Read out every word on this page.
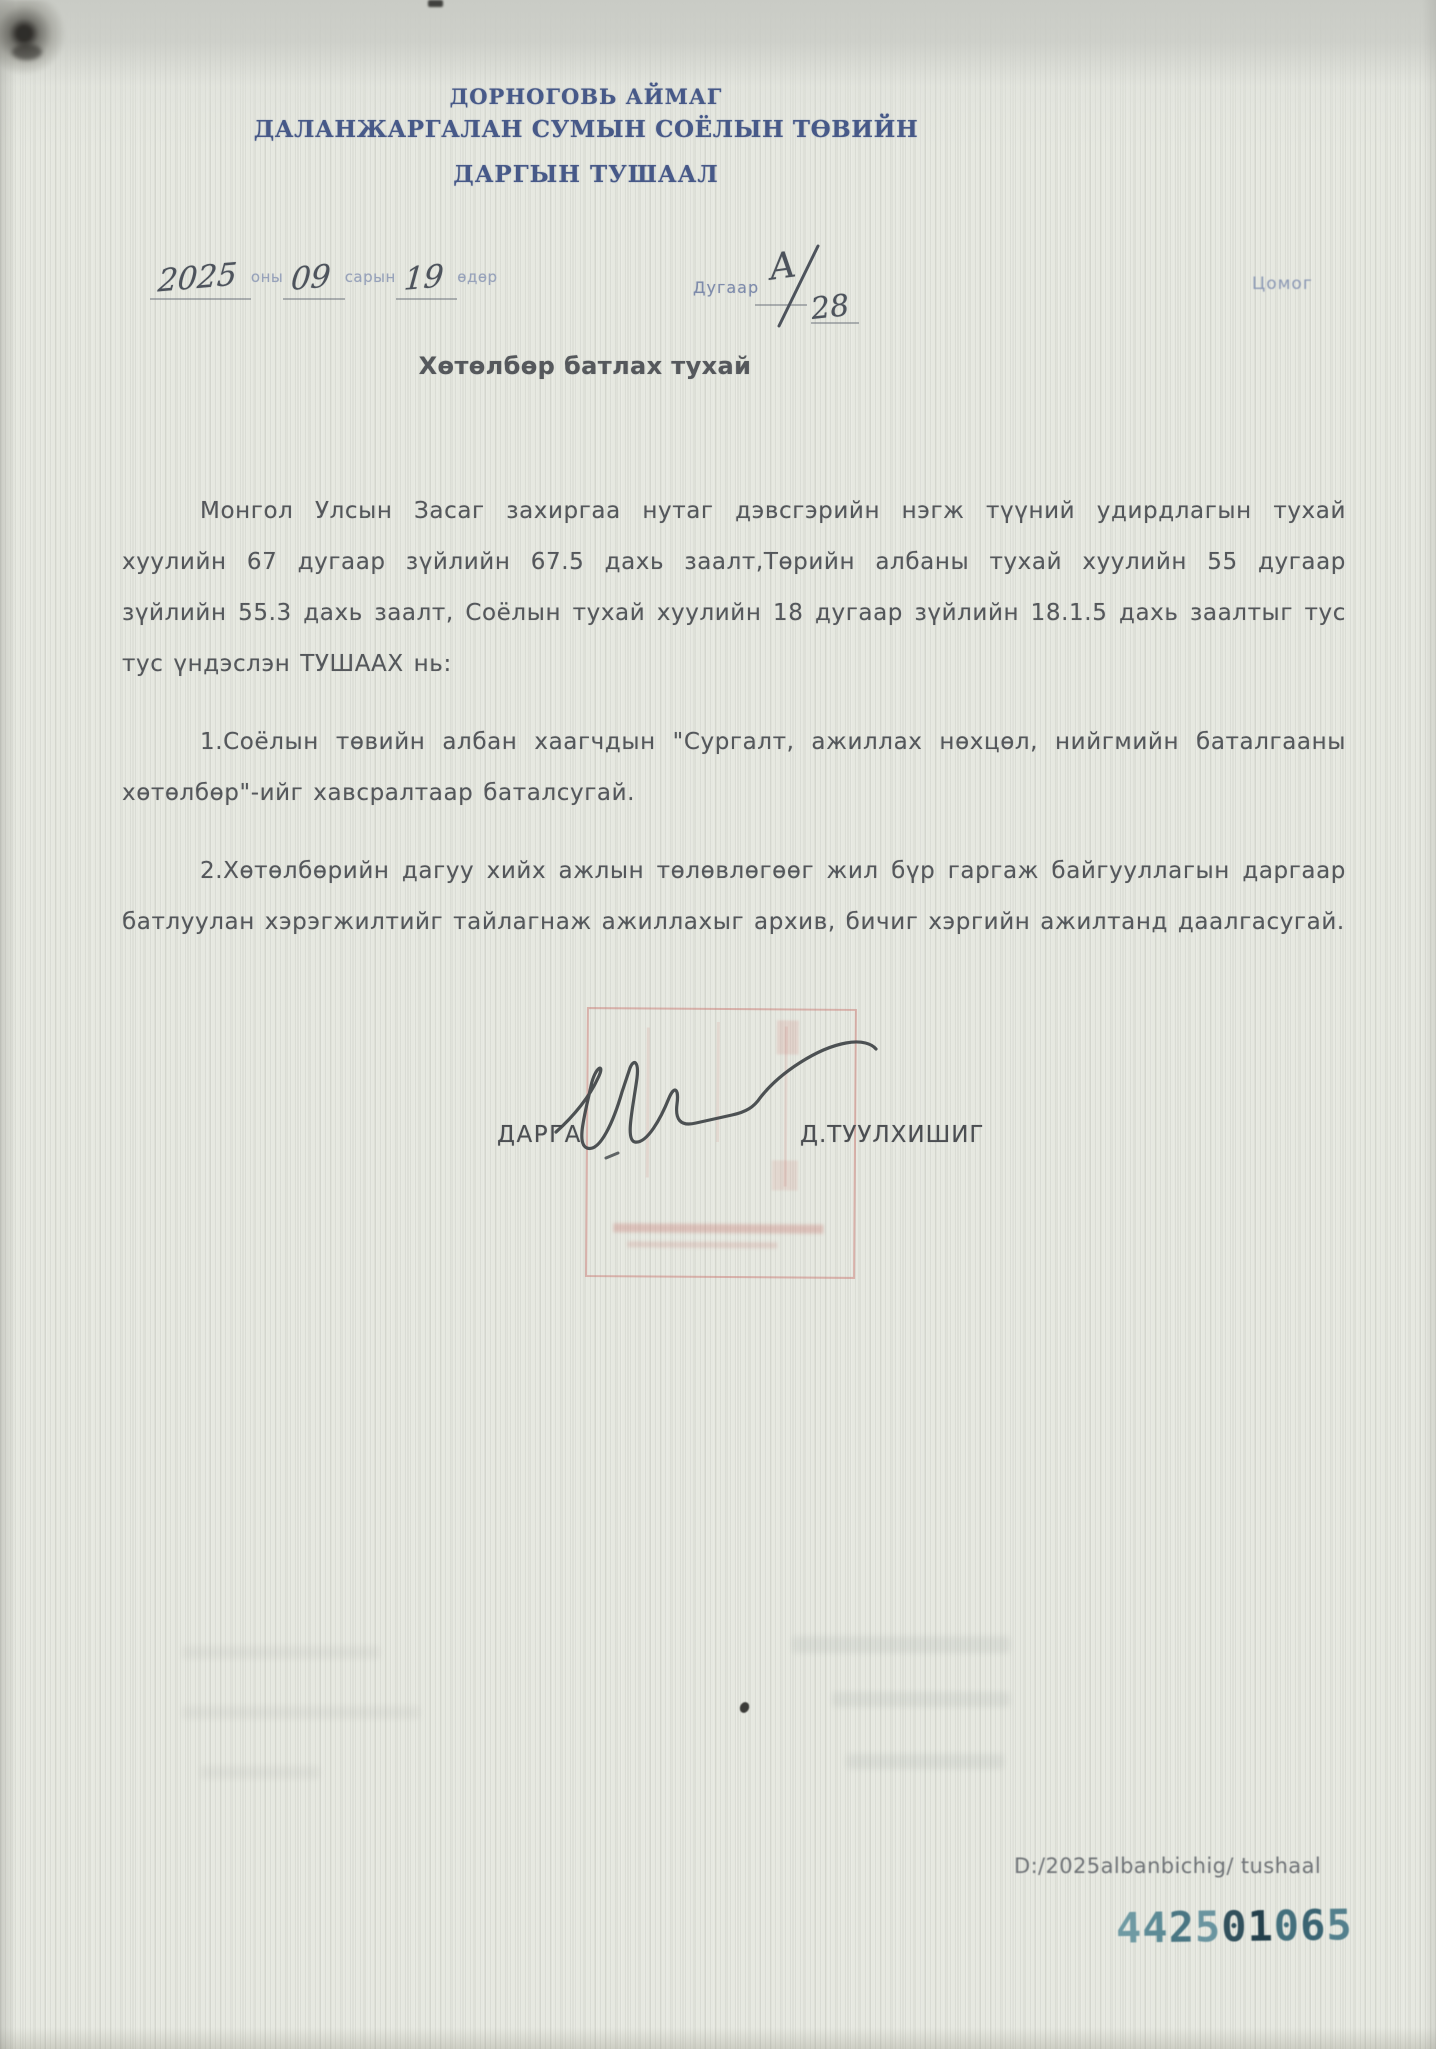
ДОРНОГОВЬ АЙМАГ
ДАЛАНЖАРГАЛАН СУМЫН СОЁЛЫН ТӨВИЙН
ДАРГЫН ТУШААЛ
2025 оны 09 сарын 19 өдөр
Дугаар А
28
Цомог
Хөтөлбөр батлах тухай

Монгол Улсын Засаг захиргаа нутаг дэвсгэрийн нэгж түүний удирдлагын тухай хуулийн 67 дугаар зүйлийн 67.5 дахь заалт,Төрийн албаны тухай хуулийн 55 дугаар зүйлийн 55.3 дахь заалт, Соёлын тухай хуулийн 18 дугаар зүйлийн 18.1.5 дахь заалтыг тус тус үндэслэн ТУШААХ нь:

1.Соёлын төвийн албан хаагчдын "Сургалт, ажиллах нөхцөл, нийгмийн баталгааны хөтөлбөр"-ийг хавсралтаар баталсугай.

2.Хөтөлбөрийн дагуу хийх ажлын төлөвлөгөөг жил бүр гаргаж байгууллагын даргаар батлуулан хэрэгжилтийг тайлагнаж ажиллахыг архив, бичиг хэргийн ажилтанд даалгасугай.

ДАРГА	Д.ТУУЛХИШИГ
D:/2025albanbichig/ tushaal
442501065
